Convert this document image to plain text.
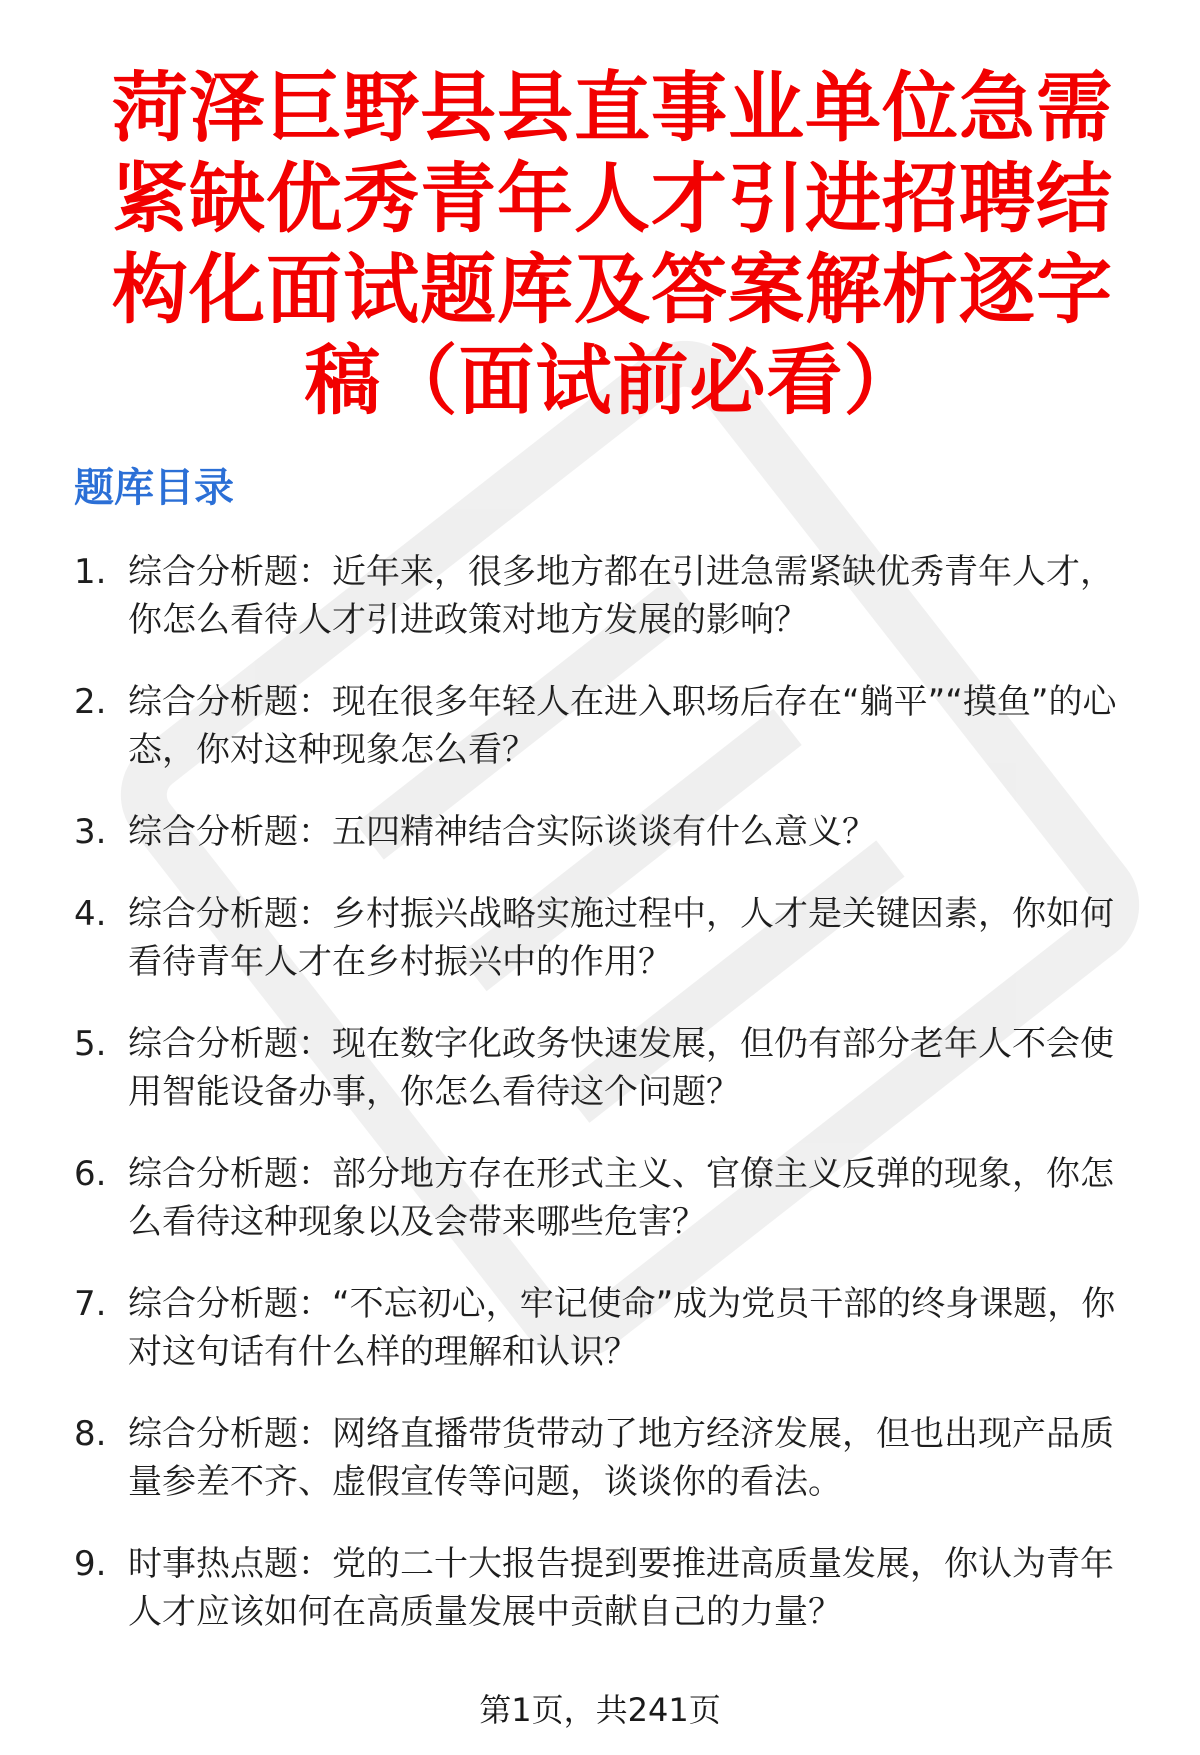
菏泽巨野县县直事业单位急需紧缺优秀青年人才引进招聘结构化面试题库及答案解析逐字稿（面试前必看）
题库目录
1. 综合分析题：近年来，很多地方都在引进急需紧缺优秀青年人才，你怎么看待人才引进政策对地方发展的影响？
2. 综合分析题：现在很多年轻人在进入职场后存在“躺平”“摸鱼”的心态，你对这种现象怎么看？
3. 综合分析题：五四精神结合实际谈谈有什么意义？
4. 综合分析题：乡村振兴战略实施过程中，人才是关键因素，你如何看待青年人才在乡村振兴中的作用？
5. 综合分析题：现在数字化政务快速发展，但仍有部分老年人不会使用智能设备办事，你怎么看待这个问题？
6. 综合分析题：部分地方存在形式主义、官僚主义反弹的现象，你怎么看待这种现象以及会带来哪些危害？
7. 综合分析题：“不忘初心，牢记使命”成为党员干部的终身课题，你对这句话有什么样的理解和认识？
8. 综合分析题：网络直播带货带动了地方经济发展，但也出现产品质量参差不齐、虚假宣传等问题，谈谈你的看法。
9. 时事热点题：党的二十大报告提到要推进高质量发展，你认为青年人才应该如何在高质量发展中贡献自己的力量？
第1页，共241页
